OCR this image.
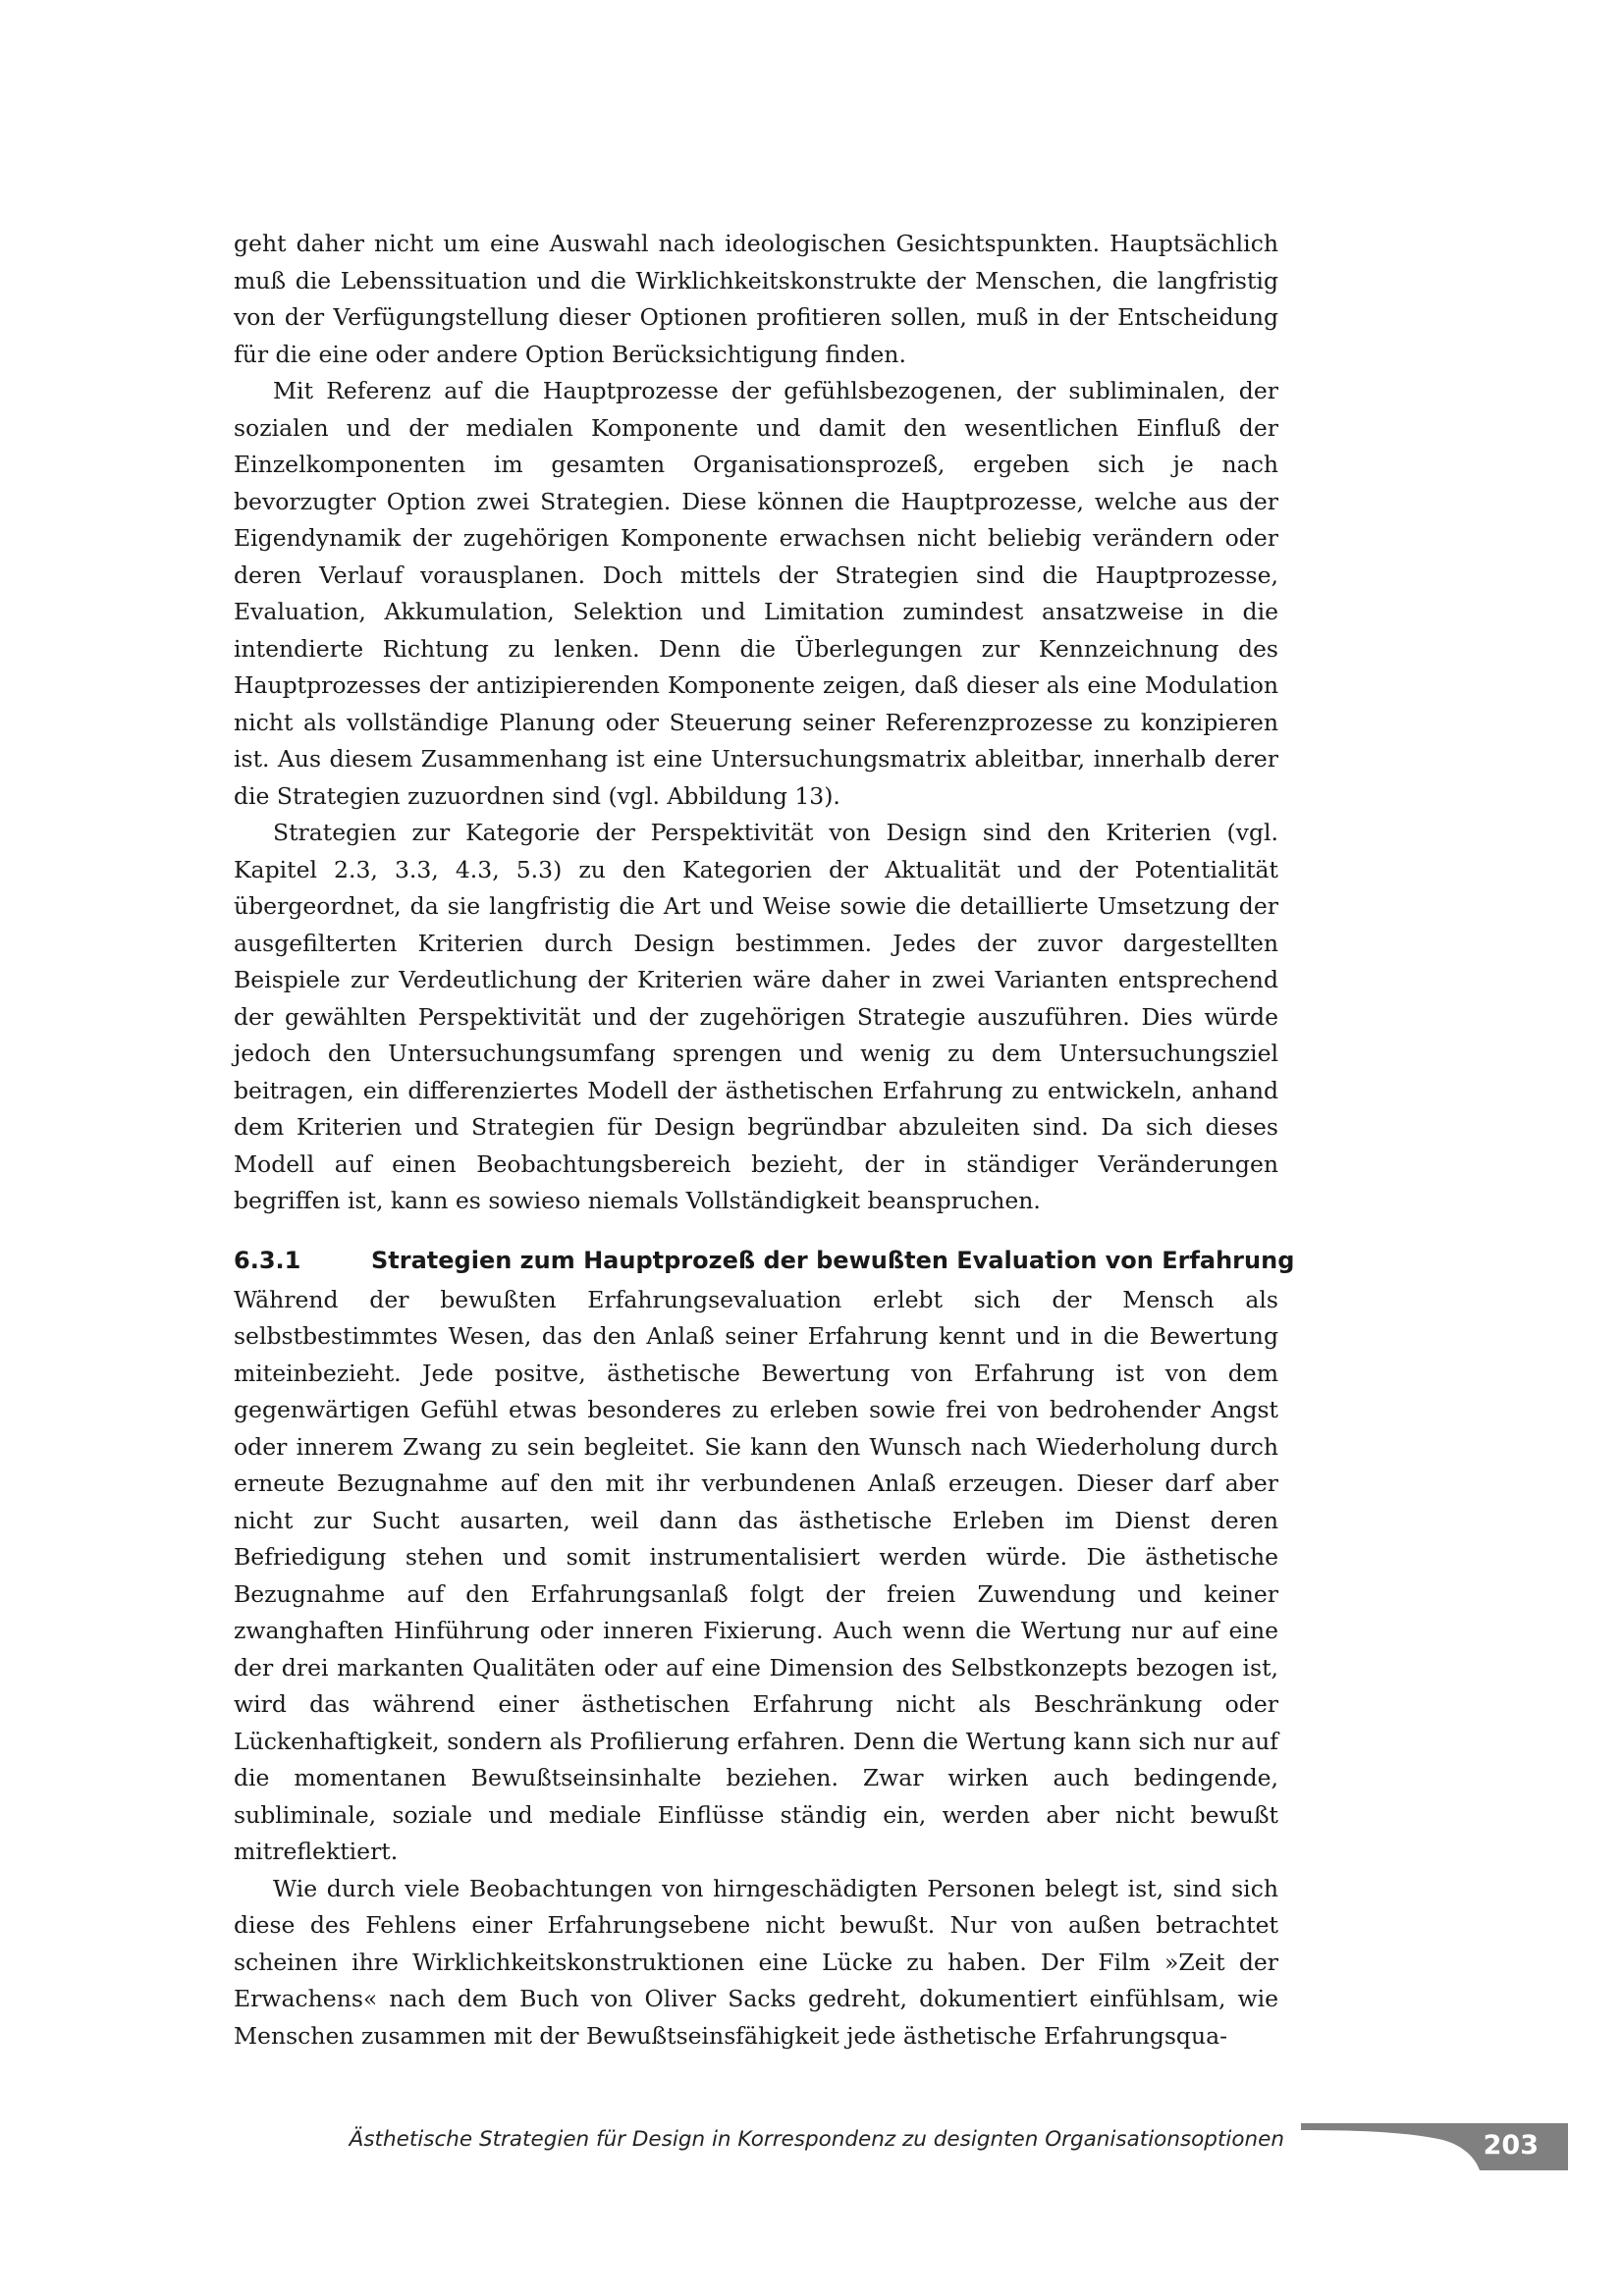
geht daher nicht um eine Auswahl nach ideologischen Gesichtspunkten. Hauptsächlich muß die Lebenssituation und die Wirklichkeitskonstrukte der Menschen, die langfristig von der Verfügungstellung dieser Optionen profitieren sollen, muß in der Entscheidung für die eine oder andere Option Berücksichtigung finden.

Mit Referenz auf die Hauptprozesse der gefühlsbezogenen, der subliminalen, der sozialen und der medialen Komponente und damit den wesentlichen Einfluß der Einzelkomponenten im gesamten Organisationsprozeß, ergeben sich je nach bevorzugter Option zwei Strategien. Diese können die Hauptprozesse, welche aus der Eigendynamik der zugehörigen Komponente erwachsen nicht beliebig verändern oder deren Verlauf vorausplanen. Doch mittels der Strategien sind die Hauptprozesse, Evaluation, Akkumulation, Selektion und Limitation zumindest ansatzweise in die intendierte Richtung zu lenken. Denn die Überlegungen zur Kennzeichnung des Hauptprozesses der antizipierenden Komponente zeigen, daß dieser als eine Modulation nicht als vollständige Planung oder Steuerung seiner Referenzprozesse zu konzipieren ist. Aus diesem Zusammenhang ist eine Untersuchungsmatrix ableitbar, innerhalb derer die Strategien zuzuordnen sind (vgl. Abbildung 13).

Strategien zur Kategorie der Perspektivität von Design sind den Kriterien (vgl. Kapitel 2.3, 3.3, 4.3, 5.3) zu den Kategorien der Aktualität und der Potentialität übergeordnet, da sie langfristig die Art und Weise sowie die detaillierte Umsetzung der ausgefilterten Kriterien durch Design bestimmen. Jedes der zuvor dargestellten Beispiele zur Verdeutlichung der Kriterien wäre daher in zwei Varianten entsprechend der gewählten Perspektivität und der zugehörigen Strategie auszuführen. Dies würde jedoch den Untersuchungsumfang sprengen und wenig zu dem Untersuchungsziel beitragen, ein differenziertes Modell der ästhetischen Erfahrung zu entwickeln, anhand dem Kriterien und Strategien für Design begründbar abzuleiten sind. Da sich dieses Modell auf einen Beobachtungsbereich bezieht, der in ständiger Veränderungen begriffen ist, kann es sowieso niemals Vollständigkeit beanspruchen.

6.3.1	Strategien zum Hauptprozeß der bewußten Evaluation von Erfahrung

Während der bewußten Erfahrungsevaluation erlebt sich der Mensch als selbstbestimmtes Wesen, das den Anlaß seiner Erfahrung kennt und in die Bewertung miteinbezieht. Jede positve, ästhetische Bewertung von Erfahrung ist von dem gegenwärtigen Gefühl etwas besonderes zu erleben sowie frei von bedrohender Angst oder innerem Zwang zu sein begleitet. Sie kann den Wunsch nach Wiederholung durch erneute Bezugnahme auf den mit ihr verbundenen Anlaß erzeugen. Dieser darf aber nicht zur Sucht ausarten, weil dann das ästhetische Erleben im Dienst deren Befriedigung stehen und somit instrumentalisiert werden würde. Die ästhetische Bezugnahme auf den Erfahrungsanlaß folgt der freien Zuwendung und keiner zwanghaften Hinführung oder inneren Fixierung. Auch wenn die Wertung nur auf eine der drei markanten Qualitäten oder auf eine Dimension des Selbstkonzepts bezogen ist, wird das während einer ästhetischen Erfahrung nicht als Beschränkung oder Lückenhaftigkeit, sondern als Profilierung erfahren. Denn die Wertung kann sich nur auf die momentanen Bewußtseinsinhalte beziehen. Zwar wirken auch bedingende, subliminale, soziale und mediale Einflüsse ständig ein, werden aber nicht bewußt mitreflektiert.

Wie durch viele Beobachtungen von hirngeschädigten Personen belegt ist, sind sich diese des Fehlens einer Erfahrungsebene nicht bewußt. Nur von außen betrachtet scheinen ihre Wirklichkeitskonstruktionen eine Lücke zu haben. Der Film »Zeit der Erwachens« nach dem Buch von Oliver Sacks gedreht, dokumentiert einfühlsam, wie Menschen zusammen mit der Bewußtseinsfähigkeit jede ästhetische Erfahrungsqua-

Ästhetische Strategien für Design in Korrespondenz zu designten Organisationsoptionen	203
